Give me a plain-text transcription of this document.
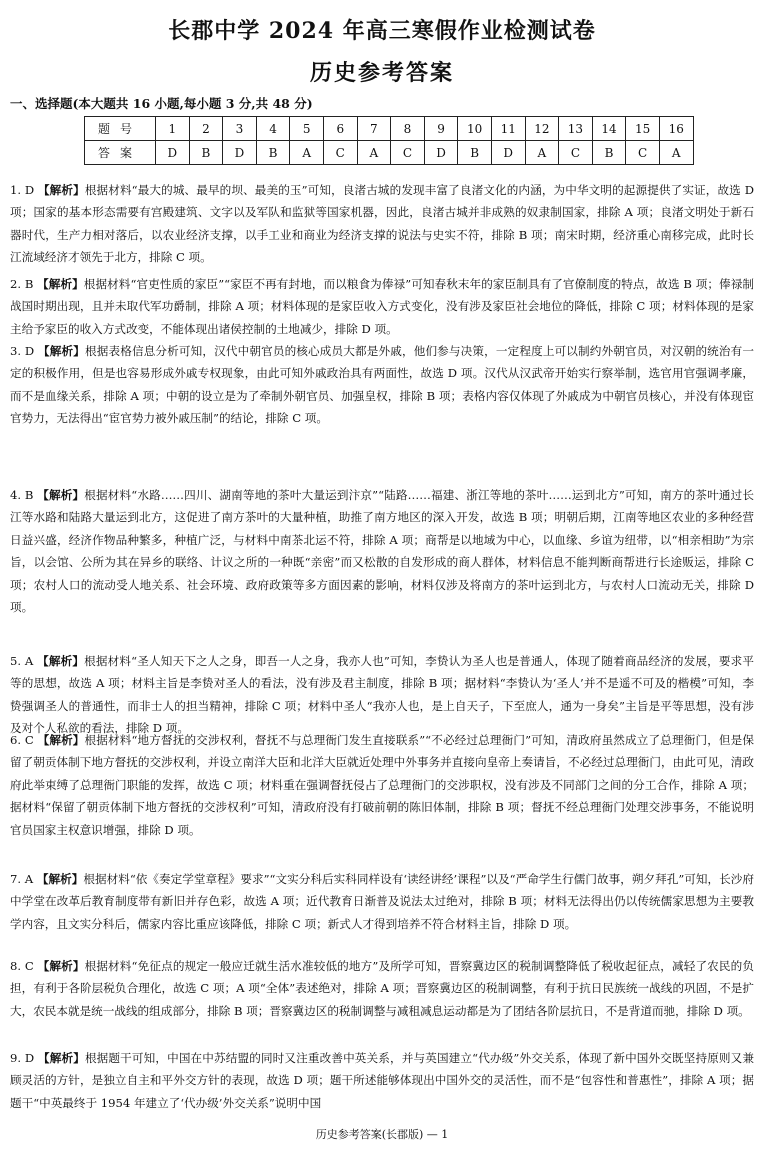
长郡中学 2024 年高三寒假作业检测试卷
历史参考答案
一、选择题(本大题共 16 小题,每小题 3 分,共 48 分)
题号	1	2	3	4	5	6	7	8	9	10	11	12	13	14	15	16
答案	D	B	D	B	A	C	A	C	D	B	D	A	C	B	C	A
1. D 【解析】根据材料“最大的城、最早的坝、最美的玉”可知，良渚古城的发现丰富了良渚文化的内涵，为中华文明的起源提供了实证，故选 D 项；国家的基本形态需要有宫殿建筑、文字以及军队和监狱等国家机器，因此，良渚古城并非成熟的奴隶制国家，排除 A 项；良渚文明处于新石器时代，生产力相对落后，以农业经济支撑，以手工业和商业为经济支撑的说法与史实不符，排除 B 项；南宋时期，经济重心南移完成，此时长江流域经济才领先于北方，排除 C 项。
2. B 【解析】根据材料“官吏性质的家臣”“家臣不再有封地，而以粮食为俸禄”可知春秋末年的家臣制具有了官僚制度的特点，故选 B 项；俸禄制战国时期出现，且并未取代军功爵制，排除 A 项；材料体现的是家臣收入方式变化，没有涉及家臣社会地位的降低，排除 C 项；材料体现的是家主给予家臣的收入方式改变，不能体现出诸侯控制的土地减少，排除 D 项。
3. D 【解析】根据表格信息分析可知，汉代中朝官员的核心成员大都是外戚，他们参与决策，一定程度上可以制约外朝官员，对汉朝的统治有一定的积极作用，但是也容易形成外戚专权现象，由此可知外戚政治具有两面性，故选 D 项。汉代从汉武帝开始实行察举制，选官用官强调孝廉，而不是血缘关系，排除 A 项；中朝的设立是为了牵制外朝官员、加强皇权，排除 B 项；表格内容仅体现了外戚成为中朝官员核心，并没有体现宦官势力，无法得出“宦官势力被外戚压制”的结论，排除 C 项。
4. B 【解析】根据材料“水路……四川、湖南等地的茶叶大量运到汴京”“陆路……福建、浙江等地的茶叶……运到北方”可知，南方的茶叶通过长江等水路和陆路大量运到北方，这促进了南方茶叶的大量种植，助推了南方地区的深入开发，故选 B 项；明朝后期，江南等地区农业的多种经营日益兴盛，经济作物品种繁多，种植广泛，与材料中南茶北运不符，排除 A 项；商帮是以地域为中心，以血缘、乡谊为纽带，以“相亲相助”为宗旨，以会馆、公所为其在异乡的联络、计议之所的一种既“亲密”而又松散的自发形成的商人群体，材料信息不能判断商帮进行长途贩运，排除 C 项；农村人口的流动受人地关系、社会环境、政府政策等多方面因素的影响，材料仅涉及将南方的茶叶运到北方，与农村人口流动无关，排除 D 项。
5. A 【解析】根据材料“圣人知天下之人之身，即吾一人之身，我亦人也”可知，李贽认为圣人也是普通人，体现了随着商品经济的发展，要求平等的思想，故选 A 项；材料主旨是李贽对圣人的看法，没有涉及君主制度，排除 B 项；据材料“李贽认为‘圣人’并不是遥不可及的楷模”可知，李贽强调圣人的普通性，而非士人的担当精神，排除 C 项；材料中圣人“我亦人也，是上自天子，下至庶人，通为一身矣”主旨是平等思想，没有涉及对个人私欲的看法，排除 D 项。
6. C 【解析】根据材料“地方督抚的交涉权利，督抚不与总理衙门发生直接联系”“不必经过总理衙门”可知，清政府虽然成立了总理衙门，但是保留了朝贡体制下地方督抚的交涉权利，并设立南洋大臣和北洋大臣就近处理中外事务并直接向皇帝上奏请旨，不必经过总理衙门，由此可见，清政府此举束缚了总理衙门职能的发挥，故选 C 项；材料重在强调督抚侵占了总理衙门的交涉职权，没有涉及不同部门之间的分工合作，排除 A 项；据材料“保留了朝贡体制下地方督抚的交涉权利”可知，清政府没有打破前朝的陈旧体制，排除 B 项；督抚不经总理衙门处理交涉事务，不能说明官员国家主权意识增强，排除 D 项。
7. A 【解析】根据材料“依《奏定学堂章程》要求”“文实分科后实科同样设有‘读经讲经’课程”以及“严命学生行儒门故事，朔夕拜孔”可知，长沙府中学堂在改革后教育制度带有新旧并存色彩，故选 A 项；近代教育日渐普及说法太过绝对，排除 B 项；材料无法得出仍以传统儒家思想为主要教学内容，且文实分科后，儒家内容比重应该降低，排除 C 项；新式人才得到培养不符合材料主旨，排除 D 项。
8. C 【解析】根据材料“免征点的规定一般应迁就生活水准较低的地方”及所学可知，晋察冀边区的税制调整降低了税收起征点，减轻了农民的负担，有利于各阶层税负合理化，故选 C 项；A 项“全体”表述绝对，排除 A 项；晋察冀边区的税制调整，有利于抗日民族统一战线的巩固，不是扩大，农民本就是统一战线的组成部分，排除 B 项；晋察冀边区的税制调整与减租减息运动都是为了团结各阶层抗日，不是背道而驰，排除 D 项。
9. D 【解析】根据题干可知，中国在中苏结盟的同时又注重改善中英关系，并与英国建立“代办级”外交关系，体现了新中国外交既坚持原则又兼顾灵活的方针，是独立自主和平外交方针的表现，故选 D 项；题干所述能够体现出中国外交的灵活性，而不是“包容性和普惠性”，排除 A 项；据题干“中英最终于 1954 年建立了‘代办级’外交关系”说明中国
历史参考答案(长郡版) — 1
